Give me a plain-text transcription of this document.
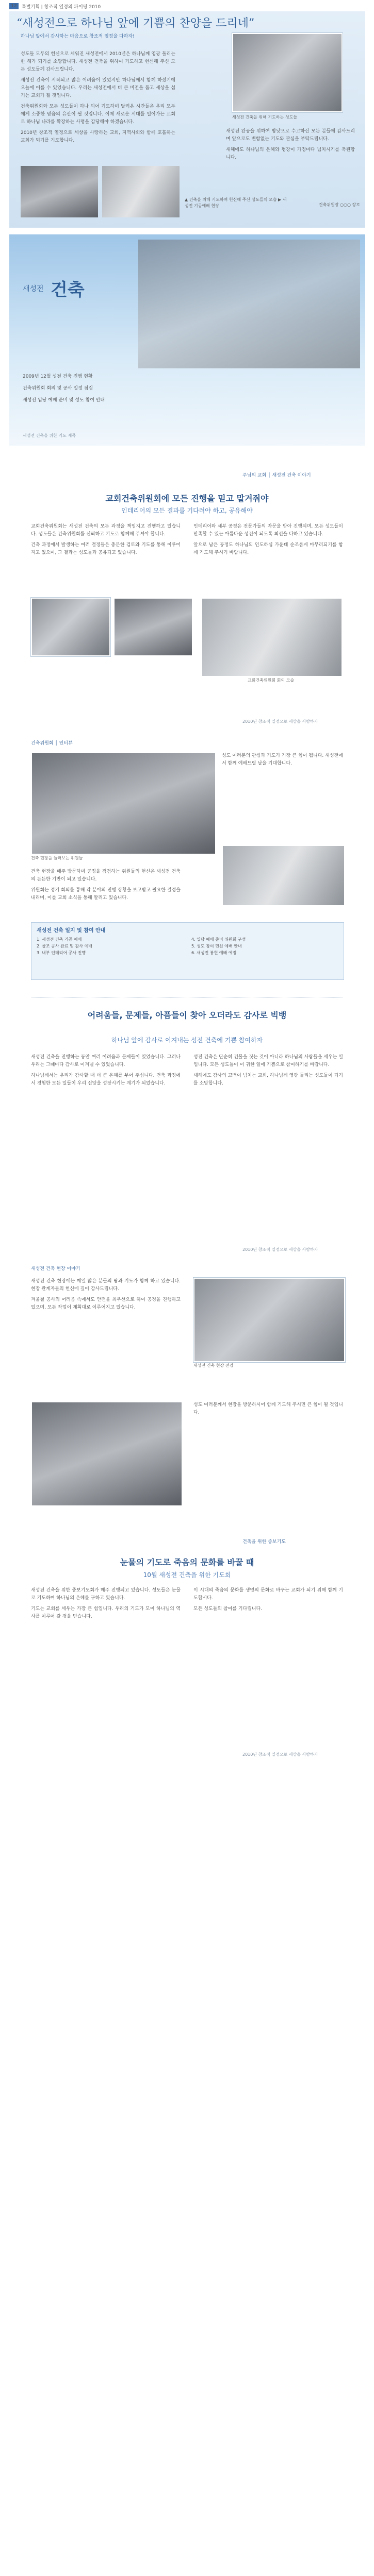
12	특별기획 | 창조적 열정의 파이팅 2010
“새성전으로 하나님 앞에 기쁨의 찬양을 드리네”
하나님 앞에서 감사하는 마음으로 창조적 열정을 다하자!

성도들 모두의 헌신으로 세워진 새성전에서 2010년은 하나님께 영광 돌리는 한 해가 되기를 소망합니다. 새성전 건축을 위하여 기도하고 헌신해 주신 모든 성도들께 감사드립니다.

새성전 건축이 시작되고 많은 어려움이 있었지만 하나님께서 함께 하셨기에 오늘에 이를 수 있었습니다. 우리는 새성전에서 더 큰 비전을 품고 세상을 섬기는 교회가 될 것입니다.

건축위원회와 모든 성도들이 하나 되어 기도하며 달려온 시간들은 우리 모두에게 소중한 믿음의 유산이 될 것입니다. 이제 새로운 시대를 열어가는 교회로 하나님 나라를 확장하는 사명을 감당해야 하겠습니다.

2010년 창조적 열정으로 세상을 사랑하는 교회, 지역사회와 함께 호흡하는 교회가 되기를 기도합니다.

새성전 건축을 위해 기도하는 성도들

새성전 완공을 위하여 밤낮으로 수고하신 모든 분들께 감사드리며 앞으로도 변함없는 기도와 관심을 부탁드립니다.

새해에도 하나님의 은혜와 평강이 가정마다 넘치시기를 축원합니다.

▲ 건축을 위해 기도하며 헌신해 주신 성도들의 모습 ▶ 새성전 기공예배 현장	건축위원장 ○○○ 장로
새성전 건축
2009년 12월 성전 건축 진행 현황
건축위원회 회의 및 공사 일정 점검
새성전 입당 예배 준비 및 성도 참여 안내
새성전 건축을 위한 기도 제목
주님의 교회 │ 새성전 건축 이야기
교회건축위원회에 모든 진행을 믿고 맡겨줘야
인테리어의 모든 결과를 기다려야 하고, 공유해야

교회건축위원회는 새성전 건축의 모든 과정을 책임지고 진행하고 있습니다. 성도들은 건축위원회를 신뢰하고 기도로 함께해 주셔야 합니다.

건축 과정에서 발생하는 여러 결정들은 충분한 검토와 기도를 통해 이루어지고 있으며, 그 결과는 성도들과 공유되고 있습니다.

인테리어와 세부 공정은 전문가들의 자문을 받아 진행되며, 모든 성도들이 만족할 수 있는 아름다운 성전이 되도록 최선을 다하고 있습니다.

앞으로 남은 공정도 하나님의 인도하심 가운데 순조롭게 마무리되기를 함께 기도해 주시기 바랍니다.

교회건축위원회 회의 모습
2010년 창조적 열정으로 세상을 사랑하자
건축위원회 │ 인터뷰
건축 현장을 둘러보는 위원들

건축 현장을 매주 방문하며 공정을 점검하는 위원들의 헌신은 새성전 건축의 든든한 기반이 되고 있습니다.

위원회는 정기 회의를 통해 각 분야의 진행 상황을 보고받고 필요한 결정을 내리며, 이를 교회 소식을 통해 알리고 있습니다.

성도 여러분의 관심과 기도가 가장 큰 힘이 됩니다. 새성전에서 함께 예배드릴 날을 기대합니다.

새성전 건축 일지 및 참여 안내
1. 새성전 건축 기공 예배
2. 골조 공사 완료 및 감사 예배
3. 내부 인테리어 공사 진행
4. 입당 예배 준비 위원회 구성
5. 성도 참여 헌신 예배 안내
6. 새성전 봉헌 예배 예정
어려움들, 문제들, 아픔들이 찾아 오더라도 감사로 빅뱅
하나님 앞에 감사로 이겨내는 성전 건축에 기쁨 참여하자

새성전 건축을 진행하는 동안 여러 어려움과 문제들이 있었습니다. 그러나 우리는 그때마다 감사로 이겨낼 수 있었습니다.

하나님께서는 우리가 감사할 때 더 큰 은혜를 부어 주십니다. 건축 과정에서 경험한 모든 일들이 우리 신앙을 성장시키는 계기가 되었습니다.

성전 건축은 단순히 건물을 짓는 것이 아니라 하나님의 사람들을 세우는 일입니다. 모든 성도들이 이 귀한 일에 기쁨으로 참여하기를 바랍니다.

새해에도 감사의 고백이 넘치는 교회, 하나님께 영광 돌리는 성도들이 되기를 소망합니다.

2010년 창조적 열정으로 세상을 사랑하자
새성전 건축 현장 이야기

새성전 건축 현장에는 매일 많은 분들의 땀과 기도가 함께 하고 있습니다. 현장 관계자들의 헌신에 깊이 감사드립니다.

겨울철 공사의 어려움 속에서도 안전을 최우선으로 하여 공정을 진행하고 있으며, 모든 작업이 계획대로 이루어지고 있습니다.

새성전 건축 현장 전경

성도 여러분께서 현장을 방문하시어 함께 기도해 주시면 큰 힘이 될 것입니다.

건축을 위한 중보기도
눈물의 기도로 죽음의 문화를 바꿀 때
10월 새성전 건축을 위한 기도회

새성전 건축을 위한 중보기도회가 매주 진행되고 있습니다. 성도들은 눈물로 기도하며 하나님의 은혜를 구하고 있습니다.

기도는 교회를 세우는 가장 큰 힘입니다. 우리의 기도가 모여 하나님의 역사를 이루어 갈 것을 믿습니다.

이 시대의 죽음의 문화를 생명의 문화로 바꾸는 교회가 되기 위해 함께 기도합시다.

모든 성도들의 참여를 기다립니다.

2010년 창조적 열정으로 세상을 사랑하자
